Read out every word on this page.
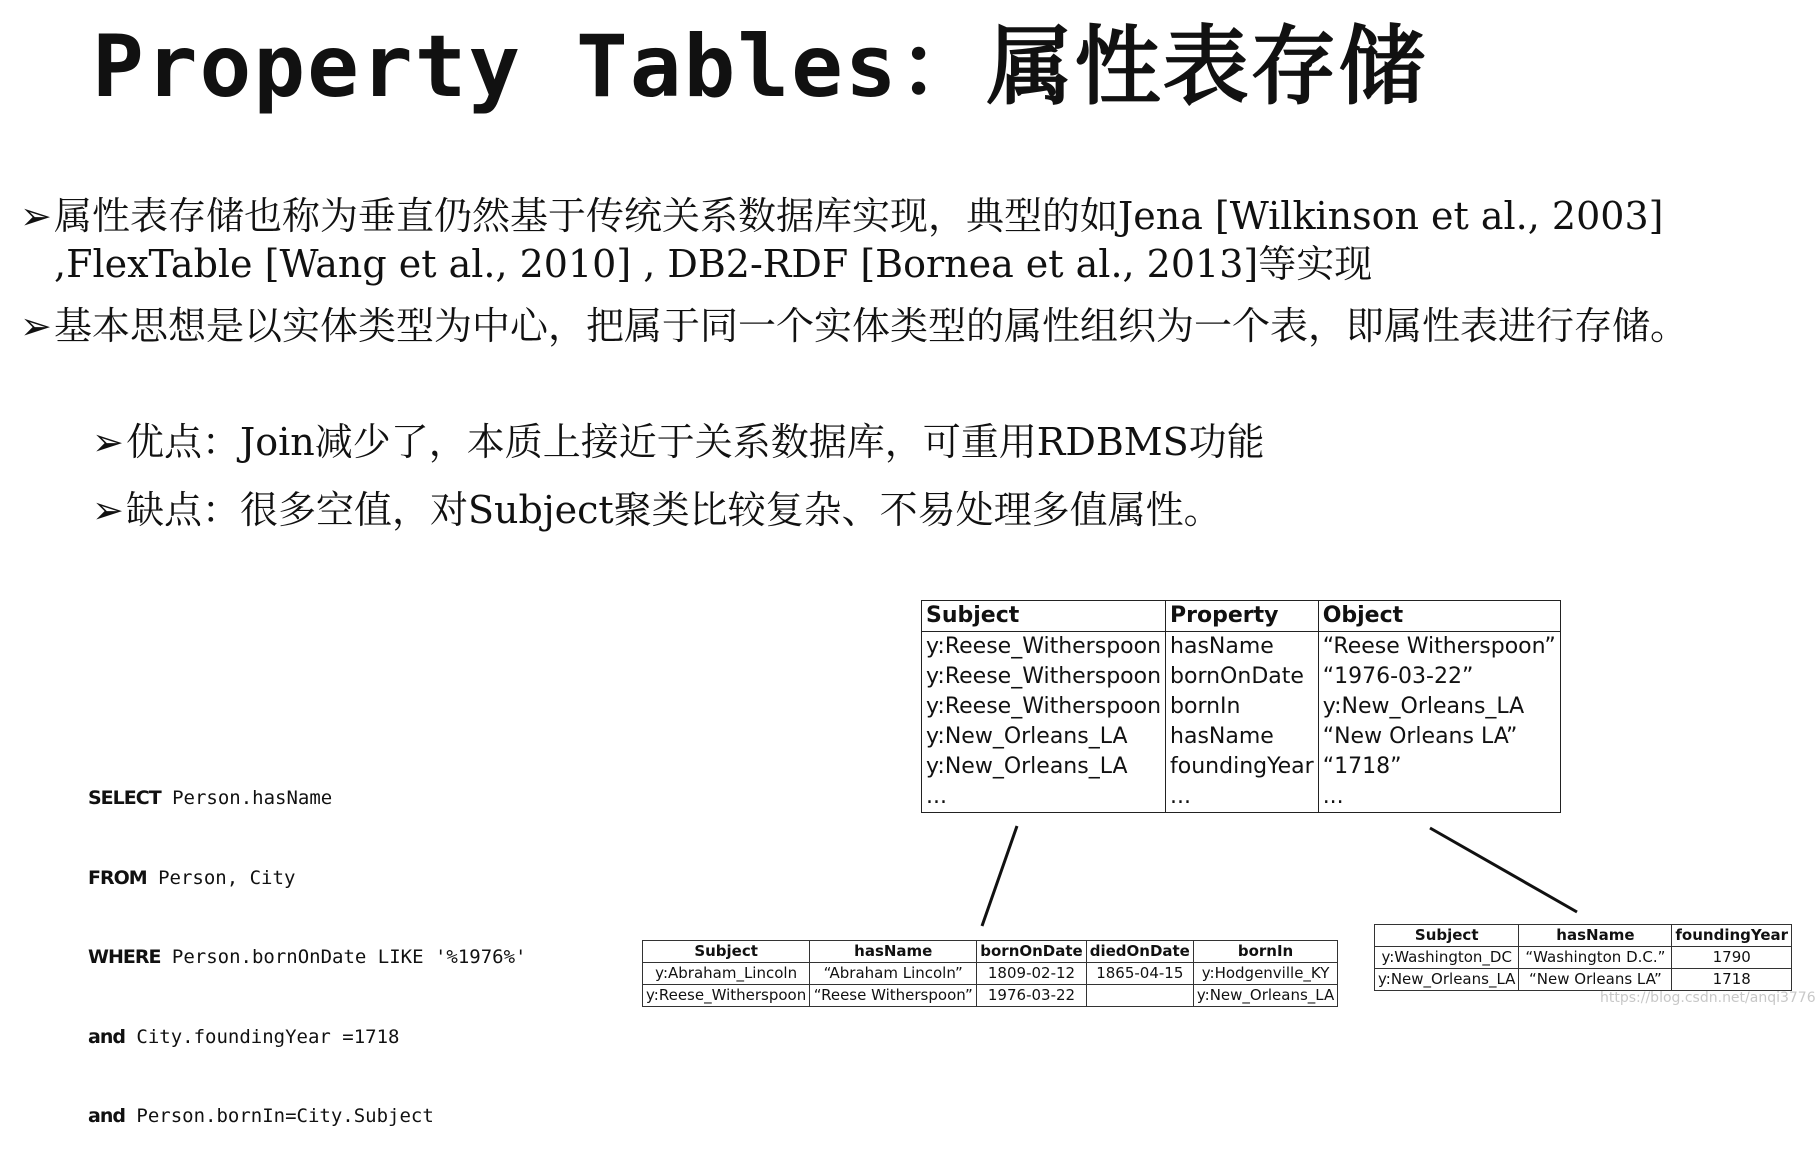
Property Tables：属性表存储
➢ 属性表存储也称为垂直仍然基于传统关系数据库实现，典型的如Jena [Wilkinson et al., 2003] ,FlexTable [Wang et al., 2010] , DB2-RDF [Bornea et al., 2013]等实现
➢ 基本思想是以实体类型为中心，把属于同一个实体类型的属性组织为一个表，即属性表进行存储。
➢ 优点：Join减少了，本质上接近于关系数据库，可重用RDBMS功能
➢ 缺点：很多空值，对Subject聚类比较复杂、不易处理多值属性。

SELECT Person.hasName

FROM Person, City

WHERE Person.bornOnDate LIKE '%1976%'

and City.foundingYear =1718

and Person.bornIn=City.Subject

Subject	Property	Object
y:Reese_Witherspoon	hasName	“Reese Witherspoon”
y:Reese_Witherspoon	bornOnDate	“1976-03-22”
y:Reese_Witherspoon	bornIn	y:New_Orleans_LA
y:New_Orleans_LA	hasName	“New Orleans LA”
y:New_Orleans_LA	foundingYear	“1718”
...	...	...
Subject	hasName	bornOnDate	diedOnDate	bornIn
y:Abraham_Lincoln	“Abraham Lincoln”	1809-02-12	1865-04-15	y:Hodgenville_KY
y:Reese_Witherspoon	“Reese Witherspoon”	1976-03-22		y:New_Orleans_LA
Subject	hasName	foundingYear
y:Washington_DC	“Washington D.C.”	1790
y:New_Orleans_LA	“New Orleans LA”	1718
https://blog.csdn.net/anqi3776
